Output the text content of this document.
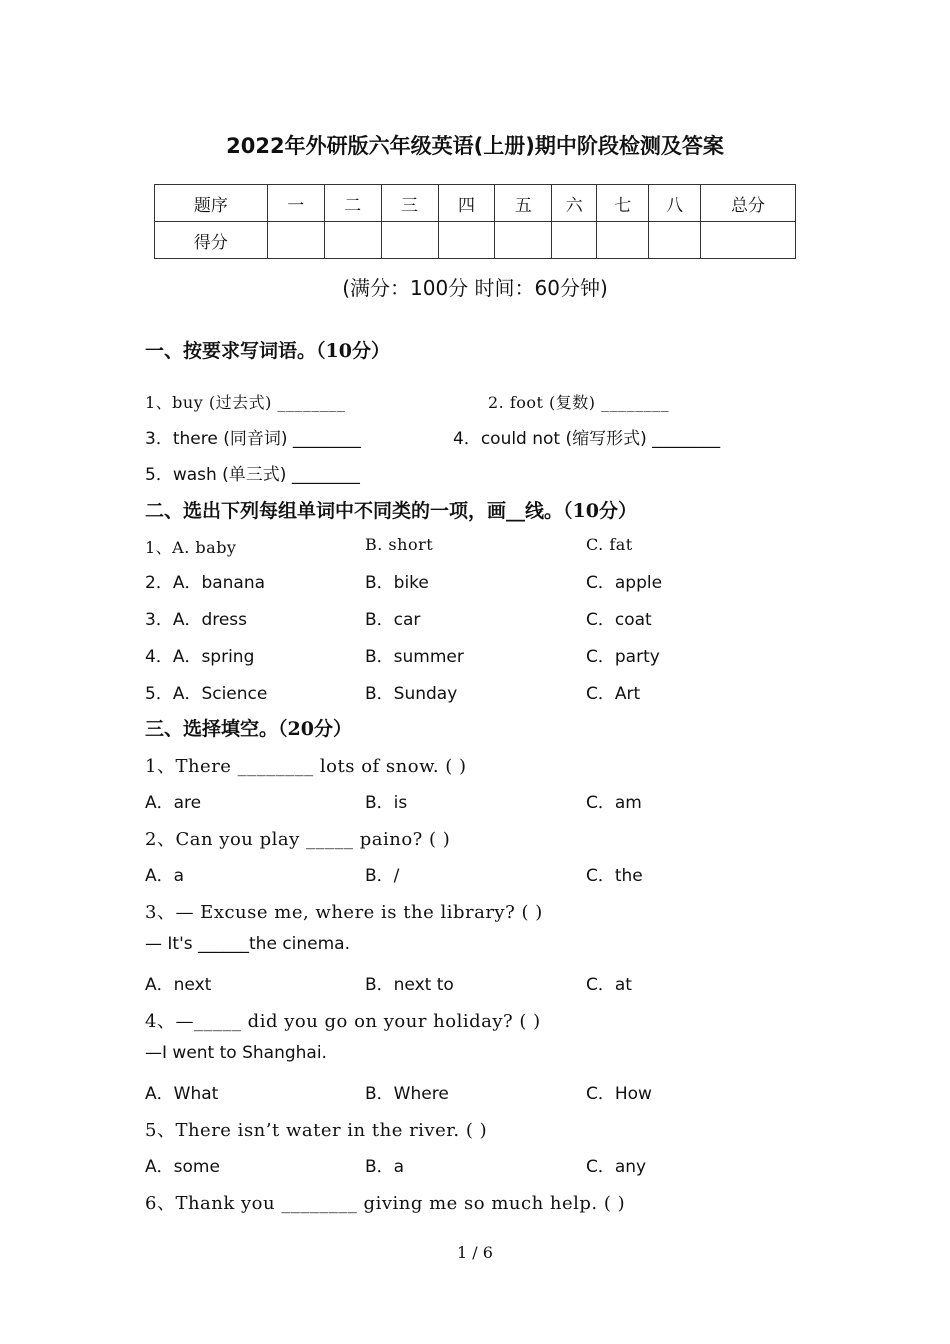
2022年外研版六年级英语(上册)期中阶段检测及答案
题序	一	二	三	四	五	六	七	八	总分
得分									
(满分：100分 时间：60分钟)
一、按要求写词语。（10分）
1、buy (过去式) ________	2. foot (复数) ________
3．there (同音词) ________	4．could not (缩写形式) ________
5．wash (单三式) ________
二、选出下列每组单词中不同类的一项，画__线。（10分）
1、A. baby	B. short	C. fat
2．A．banana	B．bike	C．apple
3．A．dress	B．car	C．coat
4．A．spring	B．summer	C．party
5．A．Science	B．Sunday	C．Art
三、选择填空。（20分）
1、There ________ lots of snow. ( )
A．are	B．is	C．am
2、Can you play _____ paino? ( )
A．a	B．/	C．the
3、— Excuse me, where is the library? ( )
— It's ______the cinema.
A．next	B．next to	C．at
4、—_____ did you go on your holiday? ( )
—I went to Shanghai.
A．What	B．Where	C．How
5、There isn’t water in the river. ( )
A．some	B．a	C．any
6、Thank you ________ giving me so much help. ( )
1 / 6
